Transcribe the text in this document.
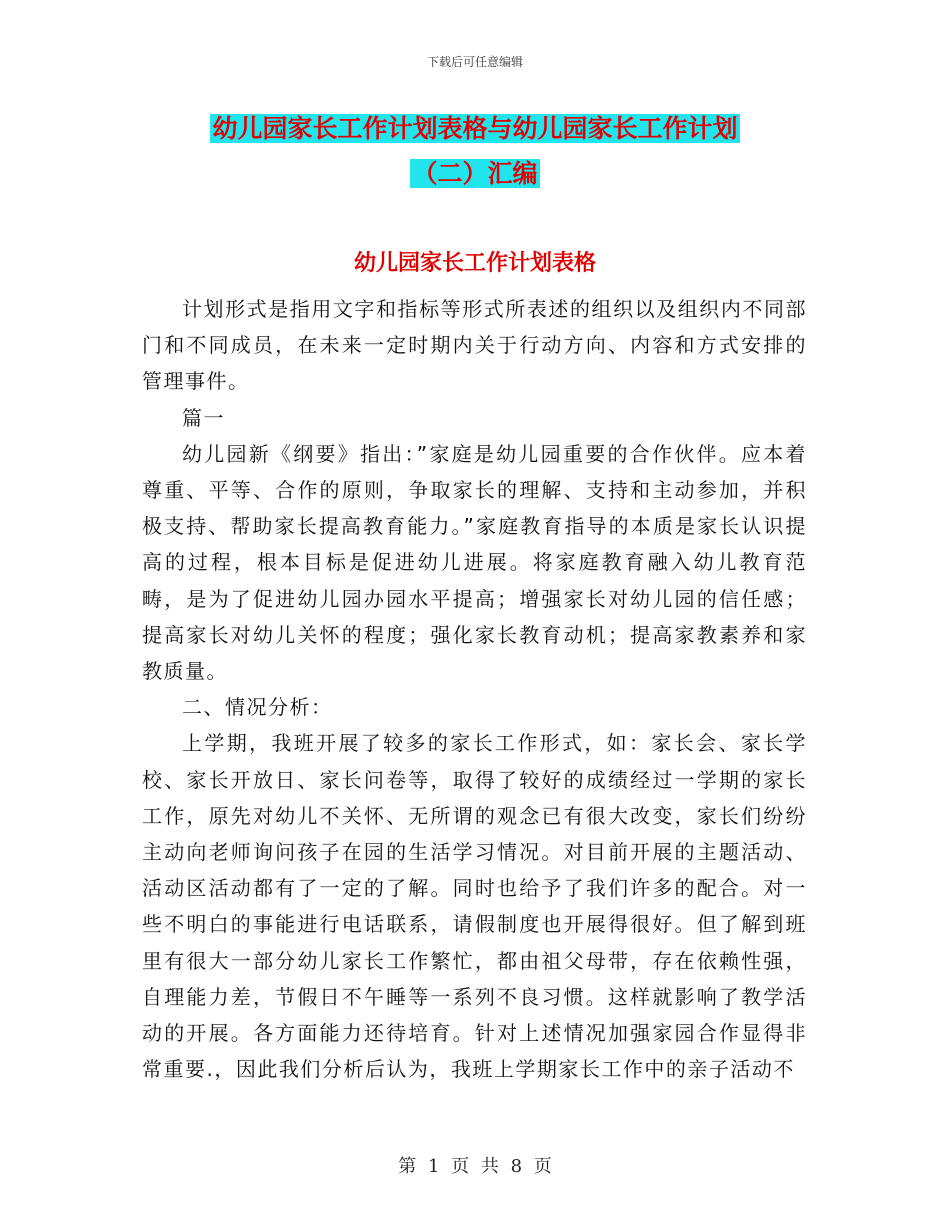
下载后可任意编辑
幼儿园家长工作计划表格与幼儿园家长工作计划
（二）汇编
幼儿园家长工作计划表格

计划形式是指用文字和指标等形式所表述的组织以及组织内不同部门和不同成员，在未来一定时期内关于行动方向、内容和方式安排的管理事件。

篇一

幼儿园新《纲要》指出：”家庭是幼儿园重要的合作伙伴。应本着尊重、平等、合作的原则，争取家长的理解、支持和主动参加，并积极支持、帮助家长提高教育能力。”家庭教育指导的本质是家长认识提高的过程，根本目标是促进幼儿进展。将家庭教育融入幼儿教育范畴，是为了促进幼儿园办园水平提高；增强家长对幼儿园的信任感；提高家长对幼儿关怀的程度；强化家长教育动机；提高家教素养和家教质量。

二、情况分析：

上学期，我班开展了较多的家长工作形式，如：家长会、家长学校、家长开放日、家长问卷等，取得了较好的成绩经过一学期的家长工作，原先对幼儿不关怀、无所谓的观念已有很大改变，家长们纷纷主动向老师询问孩子在园的生活学习情况。对目前开展的主题活动、活动区活动都有了一定的了解。同时也给予了我们许多的配合。对一些不明白的事能进行电话联系，请假制度也开展得很好。但了解到班里有很大一部分幼儿家长工作繁忙，都由祖父母带，存在依赖性强，自理能力差，节假日不午睡等一系列不良习惯。这样就影响了教学活动的开展。各方面能力还待培育。针对上述情况加强家园合作显得非常重要.，因此我们分析后认为，我班上学期家长工作中的亲子活动不

第 1 页 共 8 页
